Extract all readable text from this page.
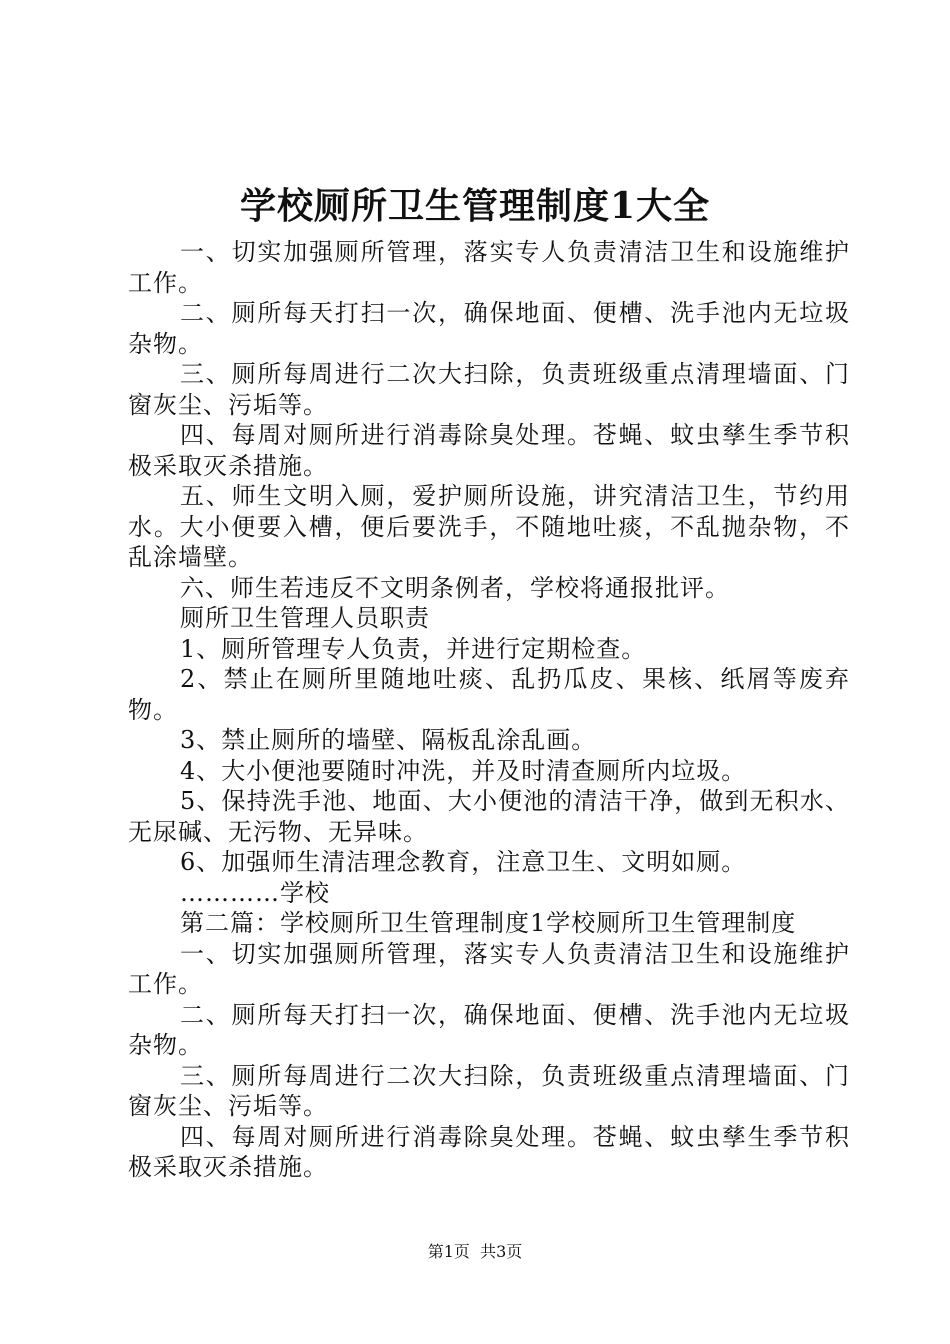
学校厕所卫生管理制度1大全

一、切实加强厕所管理，落实专人负责清洁卫生和设施维护工作。

二、厕所每天打扫一次，确保地面、便槽、洗手池内无垃圾杂物。

三、厕所每周进行二次大扫除，负责班级重点清理墙面、门窗灰尘、污垢等。

四、每周对厕所进行消毒除臭处理。苍蝇、蚊虫孳生季节积极采取灭杀措施。

五、师生文明入厕，爱护厕所设施，讲究清洁卫生，节约用水。大小便要入槽，便后要洗手，不随地吐痰，不乱抛杂物，不乱涂墙壁。

六、师生若违反不文明条例者，学校将通报批评。

厕所卫生管理人员职责

1、厕所管理专人负责，并进行定期检查。

2、禁止在厕所里随地吐痰、乱扔瓜皮、果核、纸屑等废弃物。

3、禁止厕所的墙壁、隔板乱涂乱画。

4、大小便池要随时冲洗，并及时清查厕所内垃圾。

5、保持洗手池、地面、大小便池的清洁干净，做到无积水、无尿碱、无污物、无异味。

6、加强师生清洁理念教育，注意卫生、文明如厕。

…………学校

第二篇：学校厕所卫生管理制度1学校厕所卫生管理制度

一、切实加强厕所管理，落实专人负责清洁卫生和设施维护工作。

二、厕所每天打扫一次，确保地面、便槽、洗手池内无垃圾杂物。

三、厕所每周进行二次大扫除，负责班级重点清理墙面、门窗灰尘、污垢等。

四、每周对厕所进行消毒除臭处理。苍蝇、蚊虫孳生季节积极采取灭杀措施。

第1页 共3页
